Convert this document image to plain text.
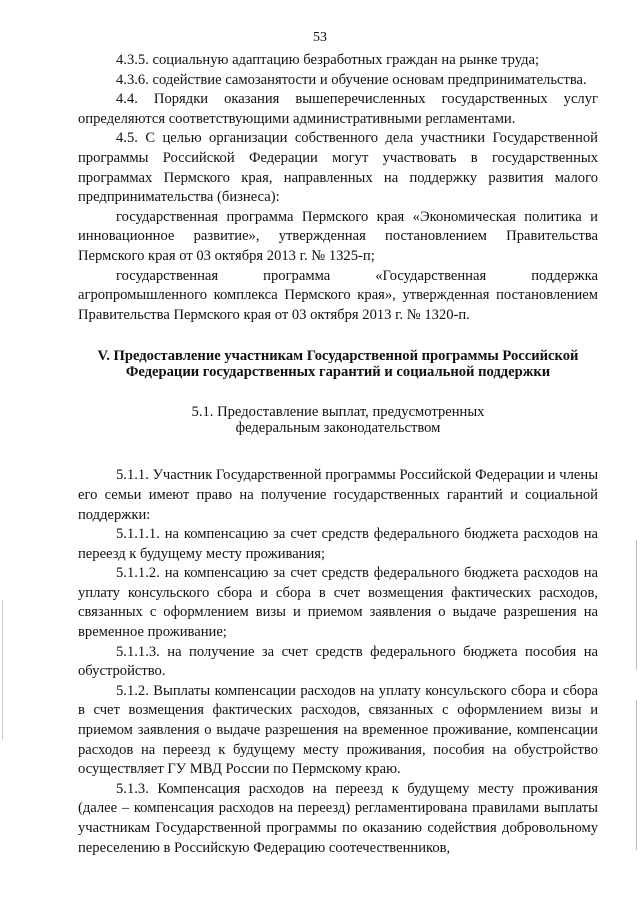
53

4.3.5. социальную адаптацию безработных граждан на рынке труда;

4.3.6. содействие самозанятости и обучение основам предпринимательства.

4.4. Порядки оказания вышеперечисленных государственных услуг определяются соответствующими административными регламентами.

4.5. С целью организации собственного дела участники Государственной программы Российской Федерации могут участвовать в государственных программах Пермского края, направленных на поддержку развития малого предпринимательства (бизнеса):

государственная программа Пермского края «Экономическая политика и инновационное развитие», утвержденная постановлением Правительства Пермского края от 03 октября 2013 г. № 1325-п;

государственная программа «Государственная поддержка агропромышленного комплекса Пермского края», утвержденная постановлением Правительства Пермского края от 03 октября 2013 г. № 1320-п.

V. Предоставление участникам Государственной программы Российской
Федерации государственных гарантий и социальной поддержки
5.1. Предоставление выплат, предусмотренных
федеральным законодательством

5.1.1. Участник Государственной программы Российской Федерации и члены его семьи имеют право на получение государственных гарантий и социальной поддержки:

5.1.1.1. на компенсацию за счет средств федерального бюджета расходов на переезд к будущему месту проживания;

5.1.1.2. на компенсацию за счет средств федерального бюджета расходов на уплату консульского сбора и сбора в счет возмещения фактических расходов, связанных с оформлением визы и приемом заявления о выдаче разрешения на временное проживание;

5.1.1.3. на получение за счет средств федерального бюджета пособия на обустройство.

5.1.2. Выплаты компенсации расходов на уплату консульского сбора и сбора в счет возмещения фактических расходов, связанных с оформлением визы и приемом заявления о выдаче разрешения на временное проживание, компенсации расходов на переезд к будущему месту проживания, пособия на обустройство осуществляет ГУ МВД России по Пермскому краю.

5.1.3. Компенсация расходов на переезд к будущему месту проживания (далее – компенсация расходов на переезд) регламентирована правилами выплаты участникам Государственной программы по оказанию содействия добровольному переселению в Российскую Федерацию соотечественников,
